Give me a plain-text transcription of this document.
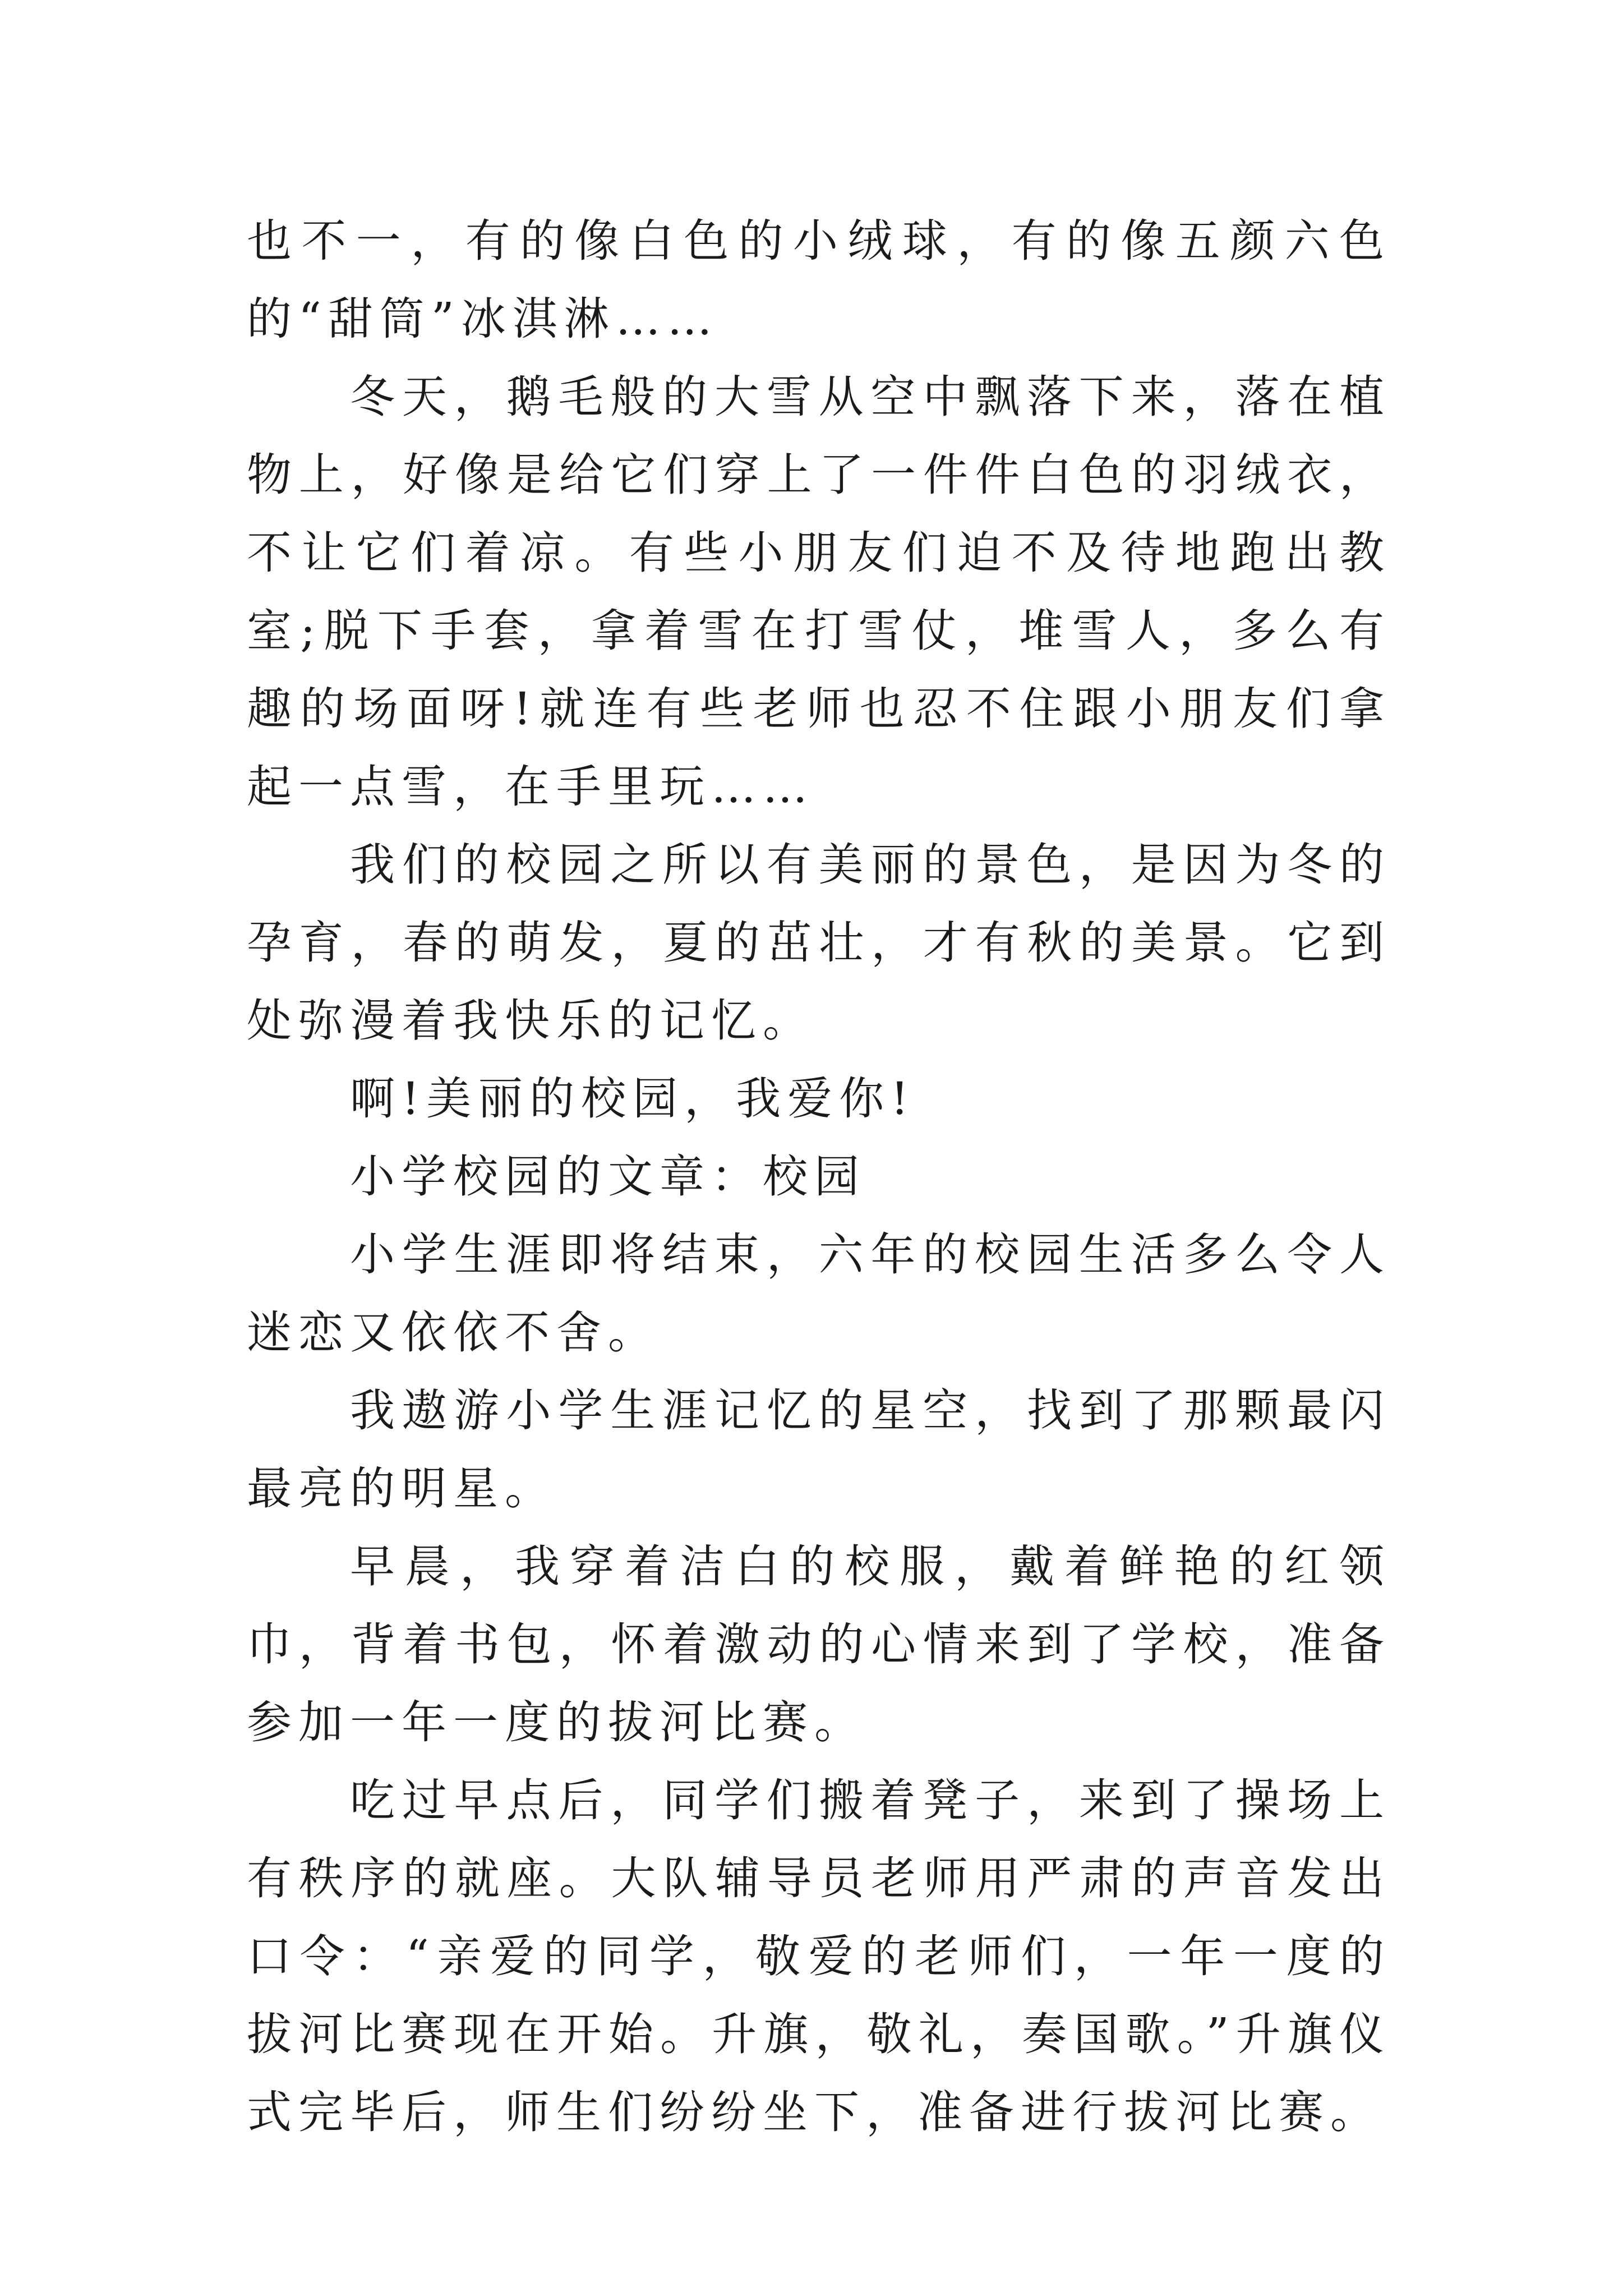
也不一，有的像白色的小绒球，有的像五颜六色的“甜筒”冰淇淋……

冬天，鹅毛般的大雪从空中飘落下来，落在植物上，好像是给它们穿上了一件件白色的羽绒衣，不让它们着凉。有些小朋友们迫不及待地跑出教室;脱下手套，拿着雪在打雪仗，堆雪人，多么有趣的场面呀!就连有些老师也忍不住跟小朋友们拿起一点雪，在手里玩……

我们的校园之所以有美丽的景色，是因为冬的孕育，春的萌发，夏的茁壮，才有秋的美景。它到处弥漫着我快乐的记忆。

啊!美丽的校园，我爱你!

小学校园的文章：校园

小学生涯即将结束，六年的校园生活多么令人迷恋又依依不舍。

我遨游小学生涯记忆的星空，找到了那颗最闪最亮的明星。

早晨，我穿着洁白的校服，戴着鲜艳的红领巾，背着书包，怀着激动的心情来到了学校，准备参加一年一度的拔河比赛。

吃过早点后，同学们搬着凳子，来到了操场上有秩序的就座。大队辅导员老师用严肃的声音发出口令：“亲爱的同学，敬爱的老师们，一年一度的拔河比赛现在开始。升旗，敬礼，奏国歌。”升旗仪式完毕后，师生们纷纷坐下，准备进行拔河比赛。
